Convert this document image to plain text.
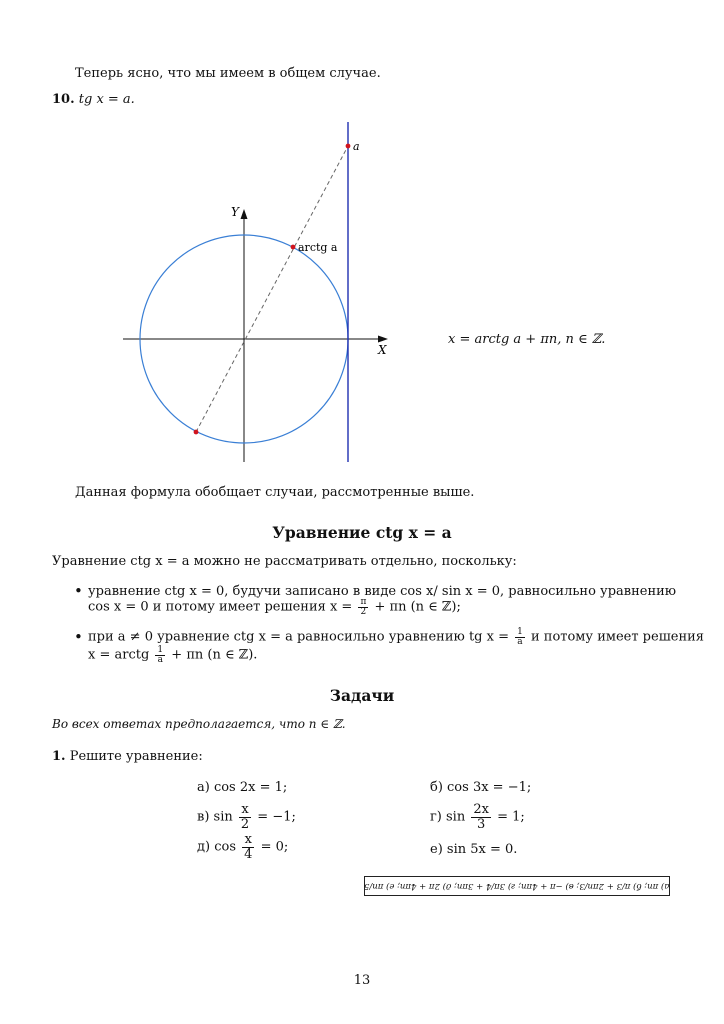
Теперь ясно, что мы имеем в общем случае.
10. tg x = a.
Y
X
a
arctg a
x = arctg a + πn, n ∈ ℤ.
Данная формула обобщает случаи, рассмотренные выше.
Уравнение ctg x = a
Уравнение ctg x = a можно не рассматривать отдельно, поскольку:
• уравнение ctg x = 0, будучи записано в виде cos x/ sin x = 0, равносильно уравнению
cos x = 0 и потому имеет решения $x = \frac{\pi}{2} + \pi n$ (n ∈ ℤ);
• при a ≠ 0 уравнение ctg x = a равносильно уравнению tg $x = \frac{1}{a}$ и потому имеет решения
x = arctg $\frac{1}{a} + \pi n$ (n ∈ ℤ).
Задачи
Во всех ответах предполагается, что n ∈ ℤ.
1. Решите уравнение:
а) cos 2x = 1;	б) cos 3x = −1;
в) $\sin \frac{x}{2} = -1$;	г) $\sin \frac{2x}{3} = 1$;
д) $\cos \frac{x}{4} = 0$;	е) sin 5x = 0.
а) πn; б) π/3 + 2πn/3; в) −π + 4πn; г) 3π/4 + 3πn; д) 2π + 4πn; е) πn/5
13
